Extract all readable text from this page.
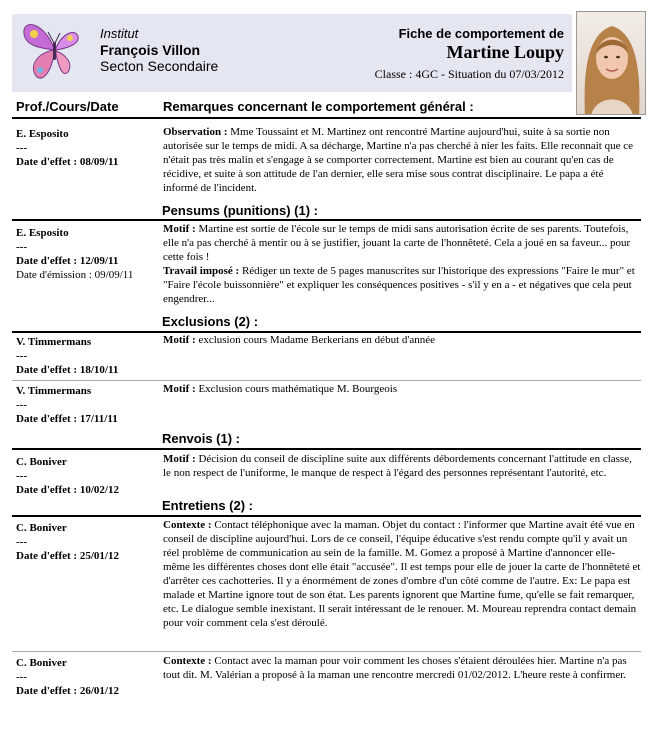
Institut
François Villon
Secton Secondaire
Fiche de comportement de
Martine Loupy
Classe : 4GC - Situation du 07/03/2012
Prof./Cours/Date	Remarques concernant le comportement général :
E. Esposito
---
Date d'effet : 08/09/11
Observation : Mme Toussaint et M. Martinez ont rencontré Martine aujourd'hui, suite à sa sortie non autorisée sur le temps de midi. A sa décharge, Martine n'a pas cherché à nier les faits. Elle reconnait que ce n'était pas très malin et s'engage à se comporter correctement. Martine est bien au courant qu'en cas de récidive, et suite à son attitude de l'an dernier, elle sera mise sous contrat disciplinaire. Le papa a été informé de l'incident.
Pensums (punitions) (1) :
E. Esposito
---
Date d'effet : 12/09/11
Date d'émission : 09/09/11
Motif : Martine est sortie de l'école sur le temps de midi sans autorisation écrite de ses parents. Toutefois, elle n'a pas cherché à mentir ou à se justifier, jouant la carte de l'honnêteté. Cela a joué en sa faveur... pour cette fois !
Travail imposé : Rédiger un texte de 5 pages manuscrites sur l'historique des expressions "Faire le mur" et "Faire l'école buissonnière" et expliquer les conséquences positives - s'il y en a - et négatives que cela peut engendrer...
Exclusions (2) :
V. Timmermans
---
Date d'effet : 18/10/11
Motif : exclusion cours Madame Berkerians en début d'année
V. Timmermans
---
Date d'effet : 17/11/11
Motif : Exclusion cours mathématique M. Bourgeois
Renvois (1) :
C. Boniver
---
Date d'effet : 10/02/12
Motif : Décision du conseil de discipline suite aux différents débordements concernant l'attitude en classe, le non respect de l'uniforme, le manque de respect à l'égard des personnes représentant l'autorité, etc.
Entretiens (2) :
C. Boniver
---
Date d'effet : 25/01/12
Contexte : Contact téléphonique avec la maman. Objet du contact : l'informer que Martine avait été vue en conseil de discipline aujourd'hui. Lors de ce conseil, l'équipe éducative s'est rendu compte qu'il y avait un réel problème de communication au sein de la famille. M. Gomez a proposé à Martine d'annoncer elle-même les différentes choses dont elle était "accusée". Il est temps pour elle de jouer la carte de l'honnêteté et d'arrêter ces cachotteries. Il y a énormément de zones d'ombre d'un côté comme de l'autre. Ex: Le papa est malade et Martine ignore tout de son état. Les parents ignorent que Martine fume, qu'elle se fait remarquer, etc. Le dialogue semble inexistant. Il serait intéressant de le renouer. M. Moureau reprendra contact demain pour voir comment cela s'est déroulé.
C. Boniver
---
Date d'effet : 26/01/12
Contexte : Contact avec la maman pour voir comment les choses s'étaient déroulées hier. Martine n'a pas tout dit. M. Valérian a proposé à la maman une rencontre mercredi 01/02/2012. L'heure reste à confirmer.
